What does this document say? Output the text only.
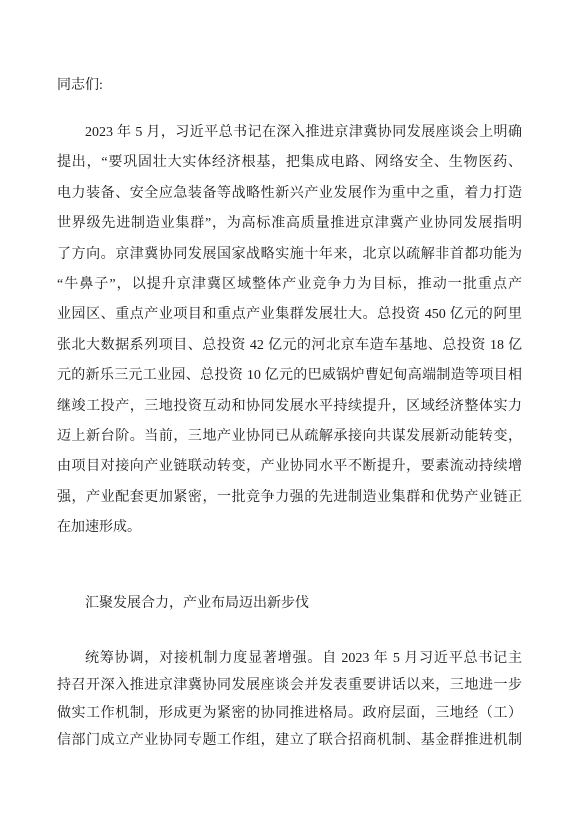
同志们:
2023 年 5 月，习近平总书记在深入推进京津冀协同发展座谈会上明确
提出，“要巩固壮大实体经济根基，把集成电路、网络安全、生物医药、
电力装备、安全应急装备等战略性新兴产业发展作为重中之重，着力打造
世界级先进制造业集群”，为高标准高质量推进京津冀产业协同发展指明
了方向。京津冀协同发展国家战略实施十年来，北京以疏解非首都功能为
“牛鼻子”，以提升京津冀区域整体产业竞争力为目标，推动一批重点产
业园区、重点产业项目和重点产业集群发展壮大。总投资 450 亿元的阿里
张北大数据系列项目、总投资 42 亿元的河北京车造车基地、总投资 18 亿
元的新乐三元工业园、总投资 10 亿元的巴威锅炉曹妃甸高端制造等项目相
继竣工投产，三地投资互动和协同发展水平持续提升，区域经济整体实力
迈上新台阶。当前，三地产业协同已从疏解承接向共谋发展新动能转变，
由项目对接向产业链联动转变，产业协同水平不断提升，要素流动持续增
强，产业配套更加紧密，一批竞争力强的先进制造业集群和优势产业链正
在加速形成。
汇聚发展合力，产业布局迈出新步伐
统筹协调，对接机制力度显著增强。自 2023 年 5 月习近平总书记主
持召开深入推进京津冀协同发展座谈会并发表重要讲话以来，三地进一步
做实工作机制，形成更为紧密的协同推进格局。政府层面，三地经（工）
信部门成立产业协同专题工作组，建立了联合招商机制、基金群推进机制
